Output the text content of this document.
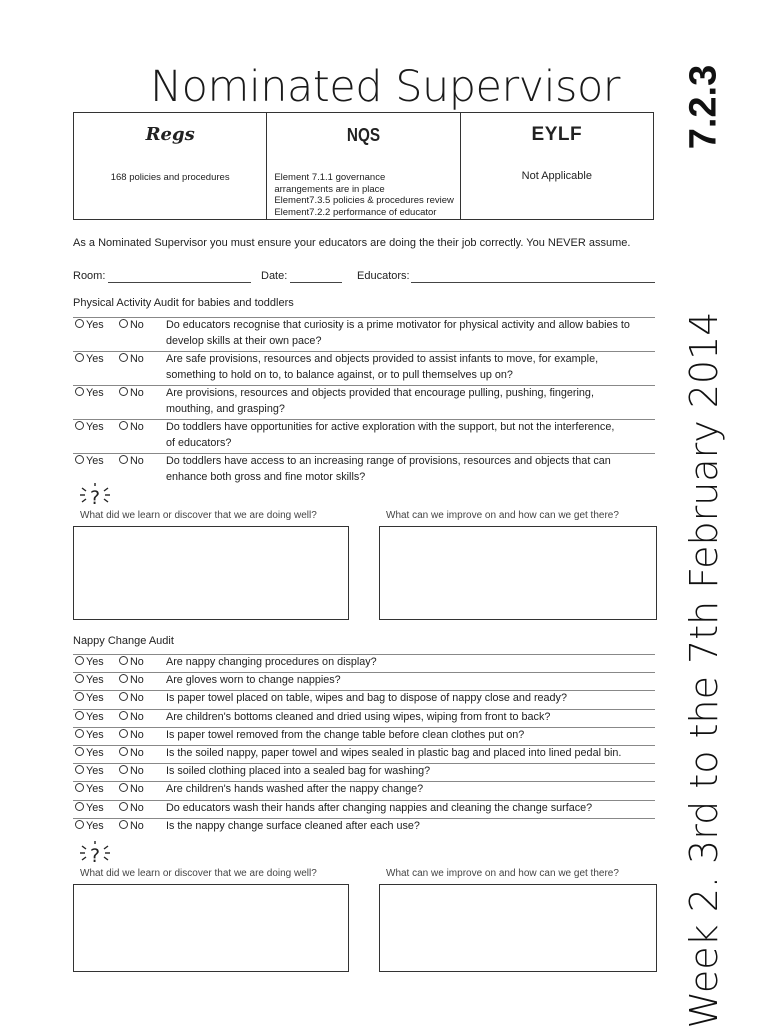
Nominated Supervisor 7.2.3
Week 2. 3rd to the 7th February 2014
Regs
168 policies and procedures

NQS
Element 7.1.1 governance
arrangements are in place
Element7.3.5 policies & procedures review
Element7.2.2 performance of educator

EYLF
Not Applicable
As a Nominated Supervisor you must ensure your educators are doing the their job correctly. You NEVER assume.
Room:	Date:	Educators:
Physical Activity Audit for babies and toddlers
Yes	No Do educators recognise that curiosity is a prime motivator for physical activity and allow babies to
develop skills at their own pace?
Yes	No Are safe provisions, resources and objects provided to assist infants to move, for example,
something to hold on to, to balance against, or to pull themselves up on?
Yes	No Are provisions, resources and objects provided that encourage pulling, pushing, fingering,
mouthing, and grasping?
Yes	No Do toddlers have opportunities for active exploration with the support, but not the interference,
of educators?
Yes	No Do toddlers have access to an increasing range of provisions, resources and objects that can
enhance both gross and fine motor skills?
?
What did we learn or discover that we are doing well?	What can we improve on and how can we get there?
Nappy Change Audit
Yes	No Are nappy changing procedures on display?
Yes	No Are gloves worn to change nappies?
Yes	No Is paper towel placed on table, wipes and bag to dispose of nappy close and ready?
Yes	No Are children's bottoms cleaned and dried using wipes, wiping from front to back?
Yes	No Is paper towel removed from the change table before clean clothes put on?
Yes	No Is the soiled nappy, paper towel and wipes sealed in plastic bag and placed into lined pedal bin.
Yes	No Is soiled clothing placed into a sealed bag for washing?
Yes	No Are children's hands washed after the nappy change?
Yes	No Do educators wash their hands after changing nappies and cleaning the change surface?
Yes	No Is the nappy change surface cleaned after each use?
?
What did we learn or discover that we are doing well?	What can we improve on and how can we get there?
